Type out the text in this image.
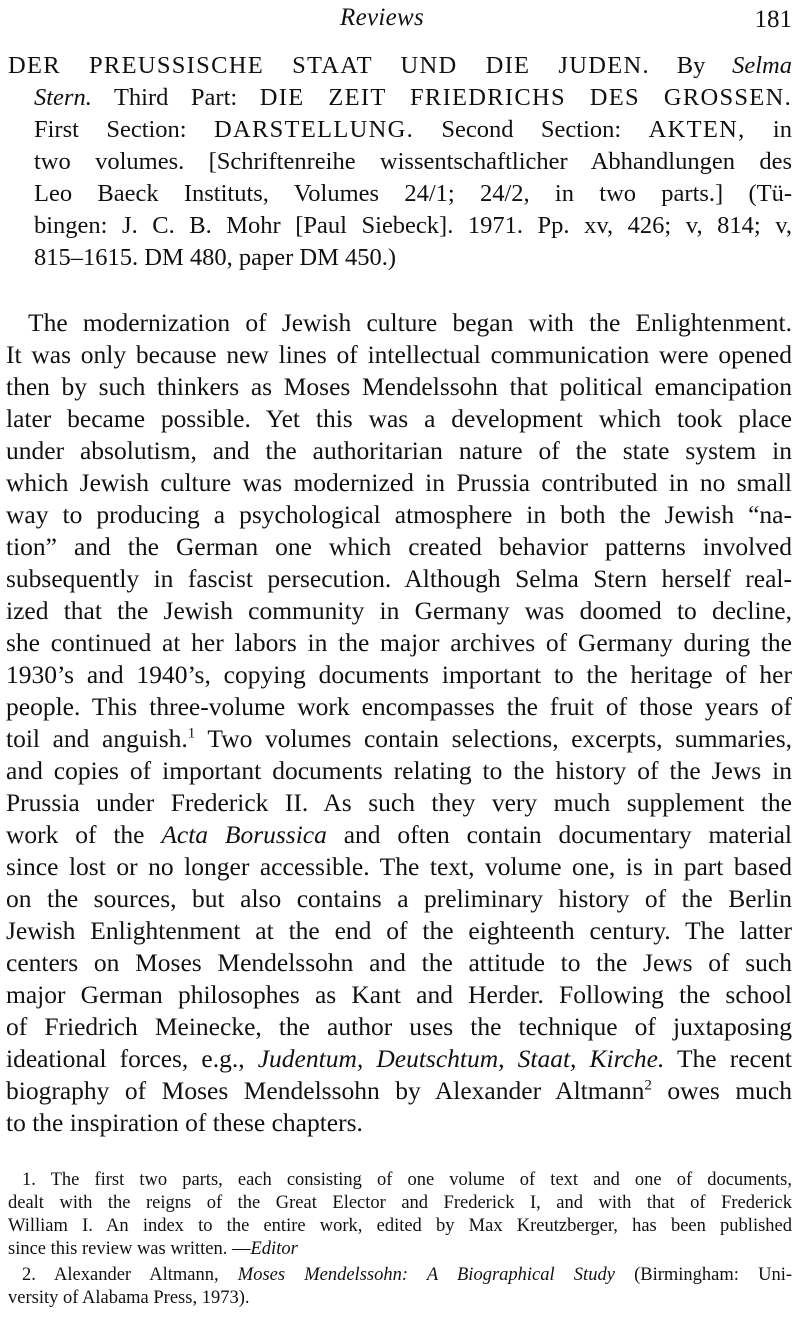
Reviews	181
DER PREUSSISCHE STAAT UND DIE JUDEN. By Selma
Stern. Third Part: DIE ZEIT FRIEDRICHS DES GROSSEN.
First Section: DARSTELLUNG. Second Section: AKTEN, in
two volumes. [Schriftenreihe wissentschaftlicher Abhandlungen des
Leo Baeck Instituts, Volumes 24/1; 24/2, in two parts.] (Tü-
bingen: J. C. B. Mohr [Paul Siebeck]. 1971. Pp. xv, 426; v, 814; v,
815–1615. DM 480, paper DM 450.)
The modernization of Jewish culture began with the Enlightenment.
It was only because new lines of intellectual communication were opened
then by such thinkers as Moses Mendelssohn that political emancipation
later became possible. Yet this was a development which took place
under absolutism, and the authoritarian nature of the state system in
which Jewish culture was modernized in Prussia contributed in no small
way to producing a psychological atmosphere in both the Jewish “na-
tion” and the German one which created behavior patterns involved
subsequently in fascist persecution. Although Selma Stern herself real-
ized that the Jewish community in Germany was doomed to decline,
she continued at her labors in the major archives of Germany during the
1930’s and 1940’s, copying documents important to the heritage of her
people. This three-volume work encompasses the fruit of those years of
toil and anguish.$^1$ Two volumes contain selections, excerpts, summaries,
and copies of important documents relating to the history of the Jews in
Prussia under Frederick II. As such they very much supplement the
work of the Acta Borussica and often contain documentary material
since lost or no longer accessible. The text, volume one, is in part based
on the sources, but also contains a preliminary history of the Berlin
Jewish Enlightenment at the end of the eighteenth century. The latter
centers on Moses Mendelssohn and the attitude to the Jews of such
major German philosophes as Kant and Herder. Following the school
of Friedrich Meinecke, the author uses the technique of juxtaposing
ideational forces, e.g., Judentum, Deutschtum, Staat, Kirche. The recent
biography of Moses Mendelssohn by Alexander Altmann$^2$ owes much
to the inspiration of these chapters.
1. The first two parts, each consisting of one volume of text and one of documents,
dealt with the reigns of the Great Elector and Frederick I, and with that of Frederick
William I. An index to the entire work, edited by Max Kreutzberger, has been published
since this review was written. —Editor
2. Alexander Altmann, Moses Mendelssohn: A Biographical Study (Birmingham: Uni-
versity of Alabama Press, 1973).
